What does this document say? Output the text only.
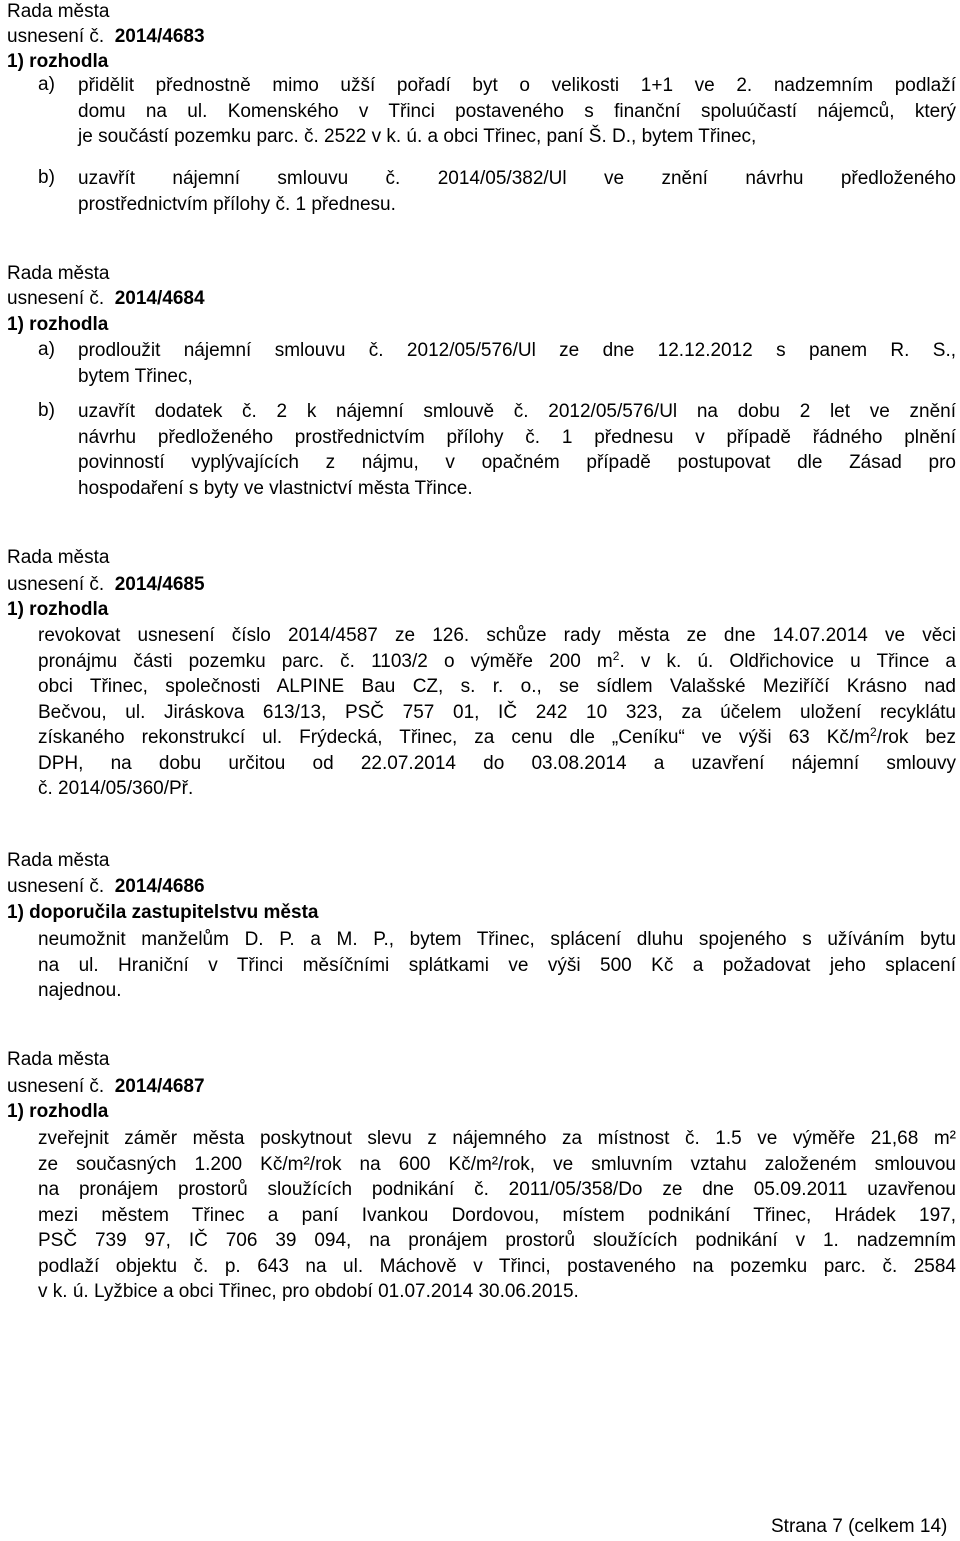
Rada města
usnesení č. 2014/4683
1) rozhodla
a) přidělit přednostně mimo užší pořadí byt o velikosti 1+1 ve 2. nadzemním podlaží
domu na ul. Komenského v Třinci postaveného s finanční spoluúčastí nájemců, který
je součástí pozemku parc. č. 2522 v k. ú. a obci Třinec, paní Š. D., bytem Třinec,
b) uzavřít nájemní smlouvu č. 2014/05/382/Ul ve znění návrhu předloženého
prostřednictvím přílohy č. 1 přednesu.
Rada města
usnesení č. 2014/4684
1) rozhodla
a) prodloužit nájemní smlouvu č. 2012/05/576/Ul ze dne 12.12.2012 s panem R. S.,
bytem Třinec,
b) uzavřít dodatek č. 2 k nájemní smlouvě č. 2012/05/576/Ul na dobu 2 let ve znění
návrhu předloženého prostřednictvím přílohy č. 1 přednesu v případě řádného plnění
povinností vyplývajících z nájmu, v opačném případě postupovat dle Zásad pro
hospodaření s byty ve vlastnictví města Třince.
Rada města
usnesení č. 2014/4685
1) rozhodla
revokovat usnesení číslo 2014/4587 ze 126. schůze rady města ze dne 14.07.2014 ve věci
pronájmu části pozemku parc. č. 1103/2 o výměře 200 $m^2$. v k. ú. Oldřichovice u Třince a
obci Třinec, společnosti ALPINE Bau CZ, s. r. o., se sídlem Valašské Meziříčí Krásno nad
Bečvou, ul. Jiráskova 613/13, PSČ 757 01, IČ 242 10 323, za účelem uložení recyklátu
získaného rekonstrukcí ul. Frýdecká, Třinec, za cenu dle „Ceníku“ ve výši 63 $Kč/m^2$/rok bez
DPH, na dobu určitou od 22.07.2014 do 03.08.2014 a uzavření nájemní smlouvy
č. 2014/05/360/Př.
Rada města
usnesení č. 2014/4686
1) doporučila zastupitelstvu města
neumožnit manželům D. P. a M. P., bytem Třinec, splácení dluhu spojeného s užíváním bytu
na ul. Hraniční v Třinci měsíčními splátkami ve výši 500 Kč a požadovat jeho splacení
najednou.
Rada města
usnesení č. 2014/4687
1) rozhodla
zveřejnit záměr města poskytnout slevu z nájemného za místnost č. 1.5 ve výměře 21,68 m²
ze současných 1.200 Kč/m²/rok na 600 Kč/m²/rok, ve smluvním vztahu založeném smlouvou
na pronájem prostorů sloužících podnikání č. 2011/05/358/Do ze dne 05.09.2011 uzavřenou
mezi městem Třinec a paní Ivankou Dordovou, místem podnikání Třinec, Hrádek 197,
PSČ 739 97, IČ 706 39 094, na pronájem prostorů sloužících podnikání v 1. nadzemním
podlaží objektu č. p. 643 na ul. Máchově v Třinci, postaveného na pozemku parc. č. 2584
v k. ú. Lyžbice a obci Třinec, pro období 01.07.2014 30.06.2015.
Strana 7 (celkem 14)
